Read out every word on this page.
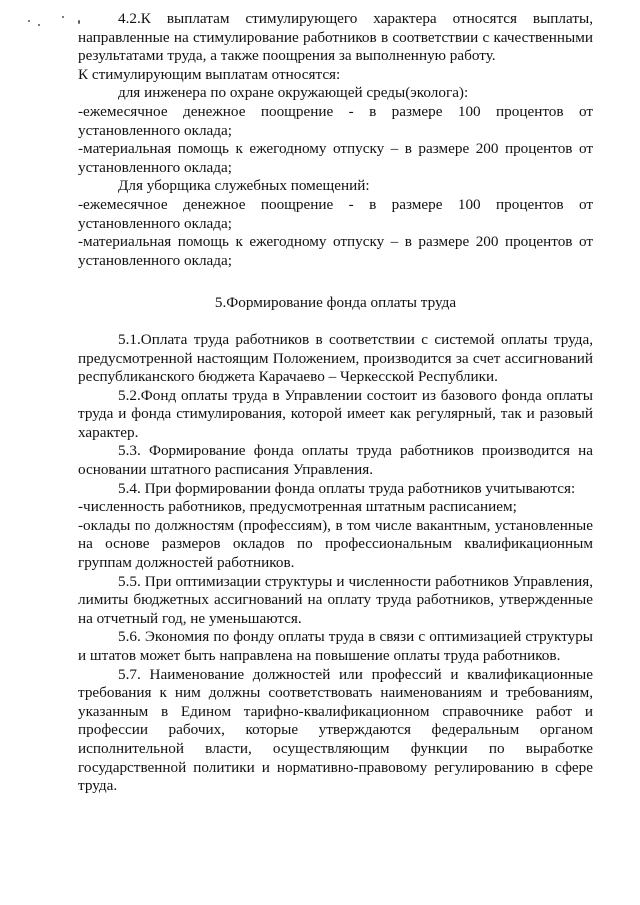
4.2.К выплатам стимулирующего характера относятся выплаты, направленные на стимулирование работников в соответствии с качественными результатами труда, а также поощрения за выполненную работу.

К стимулирующим выплатам относятся:

для инженера по охране окружающей среды(эколога):

-ежемесячное денежное поощрение - в размере 100 процентов от установленного оклада;

-материальная помощь к ежегодному отпуску – в размере 200 процентов от установленного оклада;

Для уборщика служебных помещений:

-ежемесячное денежное поощрение - в размере 100 процентов от установленного оклада;

-материальная помощь к ежегодному отпуску – в размере 200 процентов от установленного оклада;

5.Формирование фонда оплаты труда

5.1.Оплата труда работников в соответствии с системой оплаты труда, предусмотренной настоящим Положением, производится за счет ассигнований республиканского бюджета Карачаево – Черкесской Республики.

5.2.Фонд оплаты труда в Управлении состоит из базового фонда оплаты труда и фонда стимулирования, которой имеет как регулярный, так и разовый характер.

5.3. Формирование фонда оплаты труда работников производится на основании штатного расписания Управления.

5.4. При формировании фонда оплаты труда работников учитываются:

-численность работников, предусмотренная штатным расписанием;

-оклады по должностям (профессиям), в том числе вакантным, установленные на основе размеров окладов по профессиональным квалификационным группам должностей работников.

5.5. При оптимизации структуры и численности работников Управления, лимиты бюджетных ассигнований на оплату труда работников, утвержденные на отчетный год, не уменьшаются.

5.6. Экономия по фонду оплаты труда в связи с оптимизацией структуры и штатов может быть направлена на повышение оплаты труда работников.

5.7. Наименование должностей или профессий и квалификационные требования к ним должны соответствовать наименованиям и требованиям, указанным в Едином тарифно-квалификационном справочнике работ и профессии рабочих, которые утверждаются федеральным органом исполнительной власти, осуществляющим функции по выработке государственной политики и нормативно-правовому регулированию в сфере труда.
